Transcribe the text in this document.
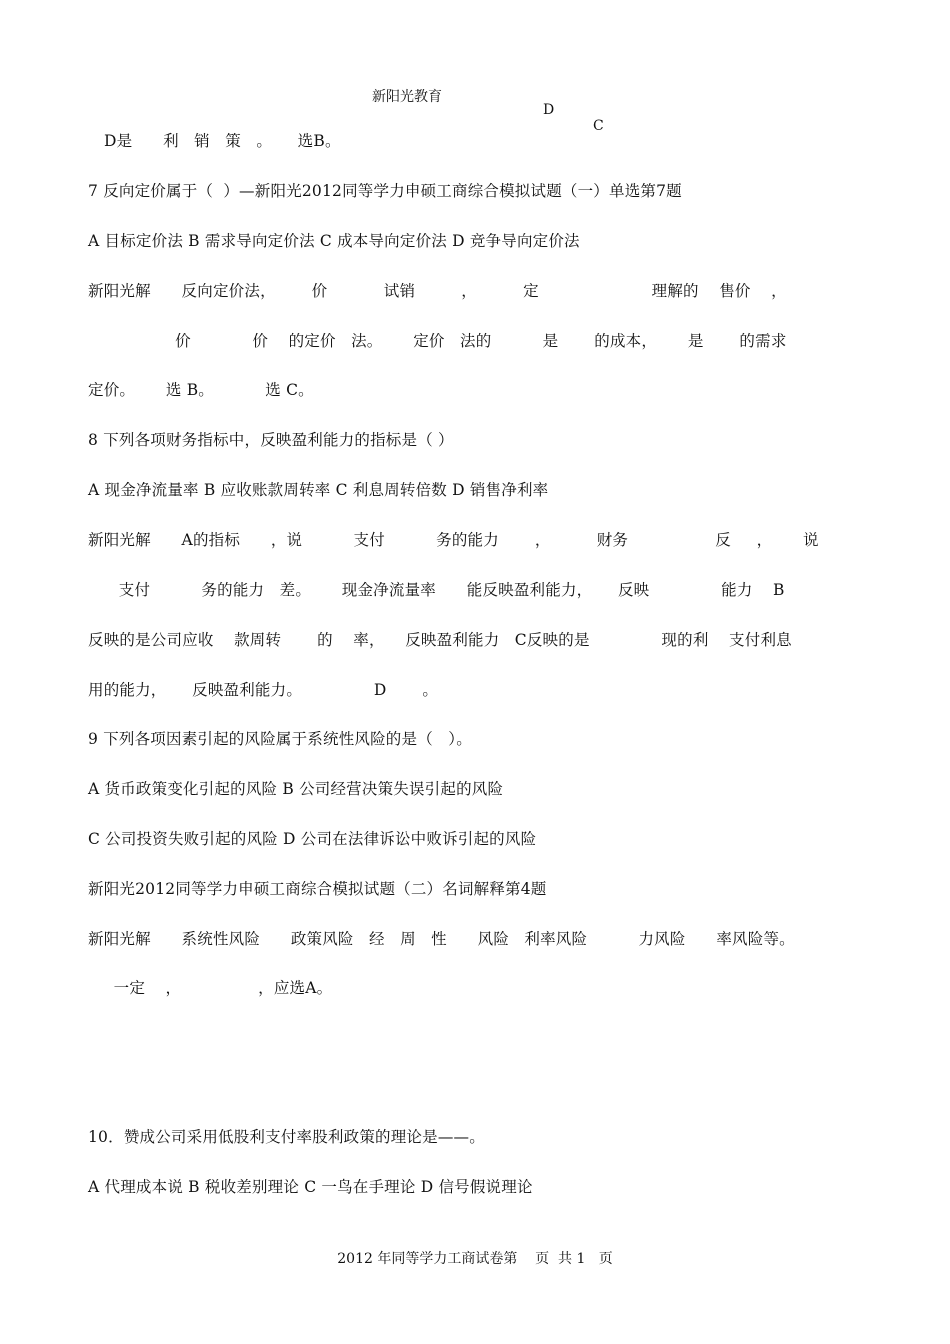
新阳光教育

D

C

D是      利   销   策   。     选B。
7 反向定价属于（  ）—新阳光2012同等学力申硕工商综合模拟试题（一）单选第7题
A 目标定价法 B 需求导向定价法 C 成本导向定价法 D 竞争导向定价法
新阳光解      反向定价法，       价           试销         ，         定                      理解的    售价    ，
价            价    的定价   法。      定价   法的          是       的成本，      是       的需求
定价。      选 B。          选 C。
8 下列各项财务指标中，反映盈利能力的指标是（ ）
A 现金净流量率 B 应收账款周转率 C 利息周转倍数 D 销售净利率
新阳光解      A的指标      ，说          支付          务的能力       ，         财务                 反     ，      说
支付          务的能力   差。      现金净流量率      能反映盈利能力，     反映              能力    B
反映的是公司应收    款周转       的    率，    反映盈利能力   C反映的是              现的利    支付利息
用的能力，     反映盈利能力。              D       。
9 下列各项因素引起的风险属于系统性风险的是（   ）。
A 货币政策变化引起的风险 B 公司经营决策失误引起的风险
C 公司投资失败引起的风险 D 公司在法律诉讼中败诉引起的风险
新阳光2012同等学力申硕工商综合模拟试题（二）名词解释第4题
新阳光解      系统性风险      政策风险   经   周   性      风险   利率风险          力风险      率风险等。
一定    ，               ，应选A。
10．赞成公司采用低股利支付率股利政策的理论是——。
A 代理成本说 B 税收差别理论 C 一鸟在手理论 D 信号假说理论
2012 年同等学力工商试卷第    页  共 1   页
